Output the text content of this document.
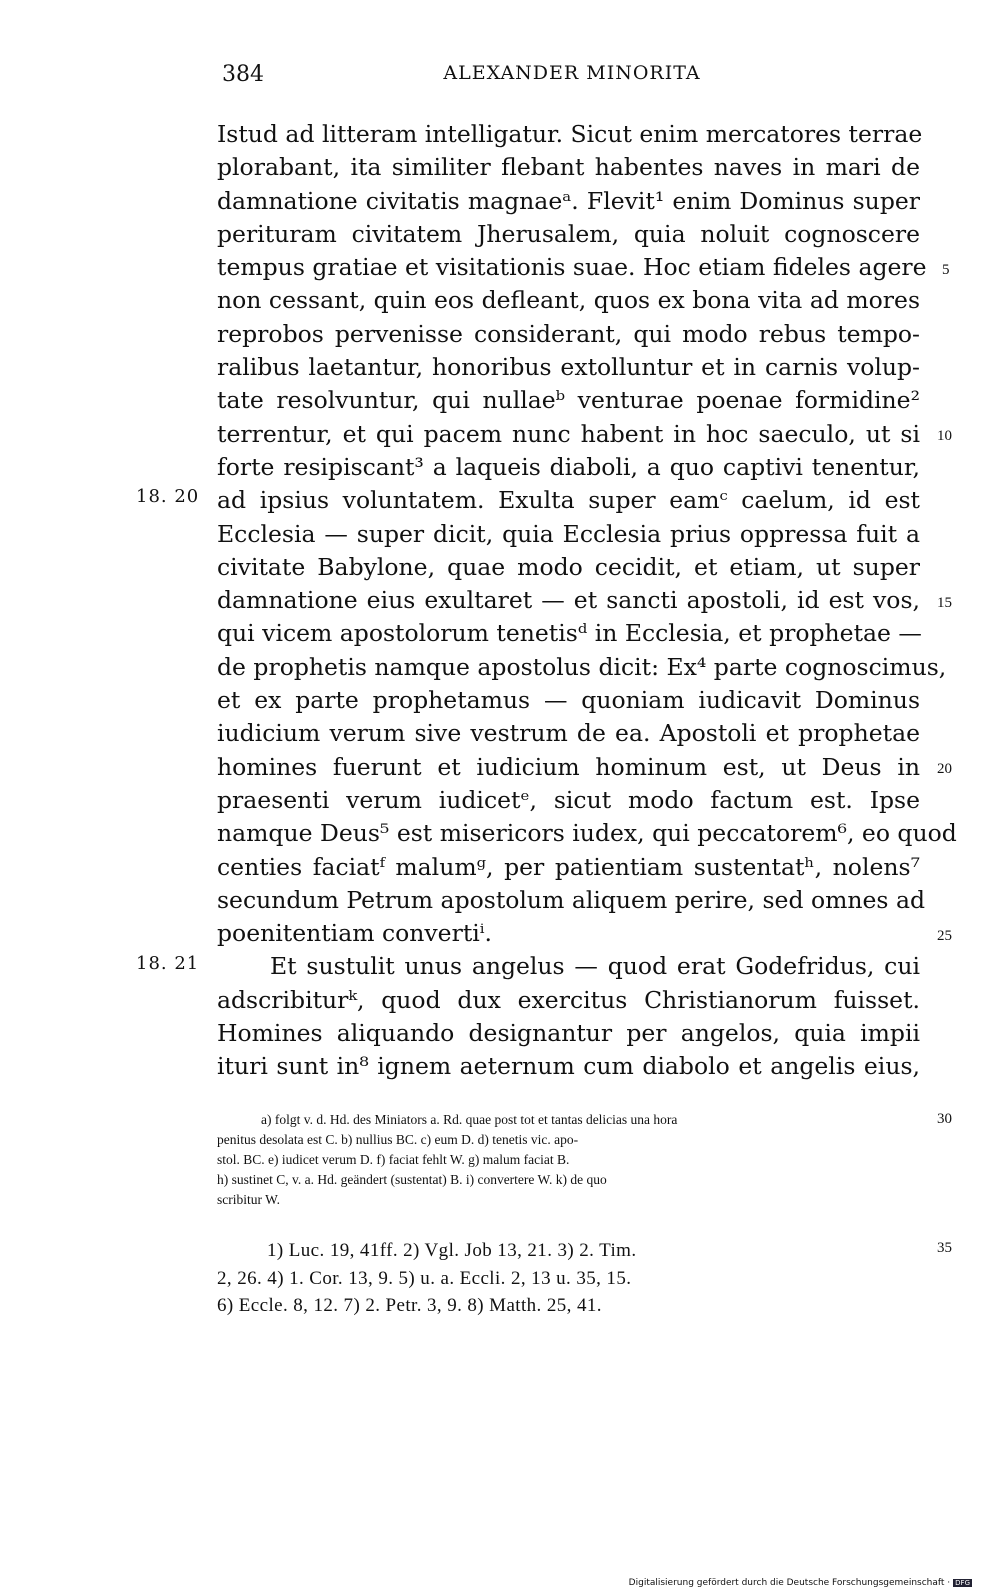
384	ALEXANDER MINORITA
Istud ad litteram intelligatur. Sicut enim mercatores terrae
plorabant, ita similiter flebant habentes naves in mari de
damnatione civitatis magnaeᵃ. Flevit¹ enim Dominus super
perituram civitatem Jherusalem, quia noluit cognoscere
tempus gratiae et visitationis suae. Hoc etiam fideles agere
non cessant, quin eos defleant, quos ex bona vita ad mores
reprobos pervenisse considerant, qui modo rebus tempo-
ralibus laetantur, honoribus extolluntur et in carnis volup-
tate resolvuntur, qui nullaeᵇ venturae poenae formidine²
terrentur, et qui pacem nunc habent in hoc saeculo, ut si
forte resipiscant³ a laqueis diaboli, a quo captivi tenentur,
ad ipsius voluntatem. Exulta super eamᶜ caelum, id est
Ecclesia — super dicit, quia Ecclesia prius oppressa fuit a
civitate Babylone, quae modo cecidit, et etiam, ut super
damnatione eius exultaret — et sancti apostoli, id est vos,
qui vicem apostolorum tenetisᵈ in Ecclesia, et prophetae —
de prophetis namque apostolus dicit: Ex⁴ parte cognoscimus,
et ex parte prophetamus — quoniam iudicavit Dominus
iudicium verum sive vestrum de ea. Apostoli et prophetae
homines fuerunt et iudicium hominum est, ut Deus in
praesenti verum iudicetᵉ, sicut modo factum est. Ipse
namque Deus⁵ est misericors iudex, qui peccatorem⁶, eo quod
centies faciatᶠ malumᵍ, per patientiam sustentatʰ, nolens⁷
secundum Petrum apostolum aliquem perire, sed omnes ad
poenitentiam convertiⁱ.
Et sustulit unus angelus — quod erat Godefridus, cui
adscribiturᵏ, quod dux exercitus Christianorum fuisset.
Homines aliquando designantur per angelos, quia impii
ituri sunt in⁸ ignem aeternum cum diabolo et angelis eius,
18. 20
18. 21
5
10
15
20
25
30
35
a) folgt v. d. Hd. des Miniators a. Rd. quae post tot et tantas delicias una hora
penitus desolata est C. b) nullius BC. c) eum D. d) tenetis vic. apo-
stol. BC. e) iudicet verum D. f) faciat fehlt W. g) malum faciat B.
h) sustinet C, v. a. Hd. geändert (sustentat) B. i) convertere W. k) de quo
scribitur W.
1) Luc. 19, 41ff. 2) Vgl. Job 13, 21. 3) 2. Tim.
2, 26. 4) 1. Cor. 13, 9. 5) u. a. Eccli. 2, 13 u. 35, 15.
6) Eccle. 8, 12. 7) 2. Petr. 3, 9. 8) Matth. 25, 41.
Digitalisierung gefördert durch die Deutsche Forschungsgemeinschaft · DFG
